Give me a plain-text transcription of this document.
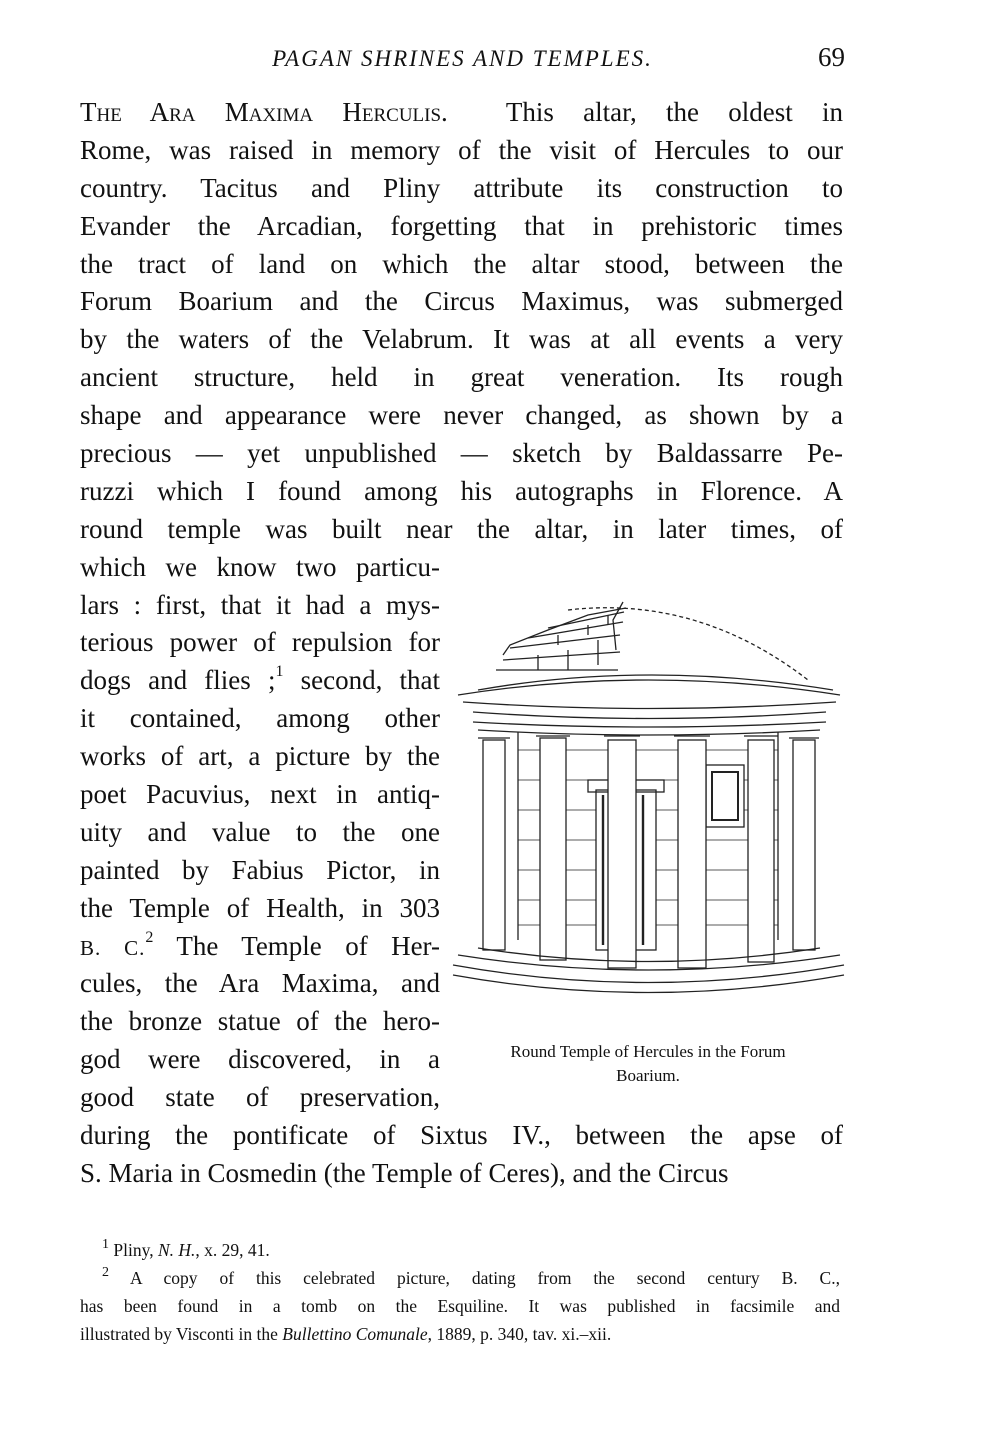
PAGAN SHRINES AND TEMPLES.	69
The Ara Maxima Herculis. This altar, the oldest in
Rome, was raised in memory of the visit of Hercules to our
country. Tacitus and Pliny attribute its construction to
Evander the Arcadian, forgetting that in prehistoric times
the tract of land on which the altar stood, between the
Forum Boarium and the Circus Maximus, was submerged
by the waters of the Velabrum. It was at all events a very
ancient structure, held in great veneration. Its rough
shape and appearance were never changed, as shown by a
precious — yet unpublished — sketch by Baldassarre Pe-
ruzzi which I found among his autographs in Florence. A
round temple was built near the altar, in later times, of
which we know two particu-
lars : first, that it had a mys-
terious power of repulsion for
dogs and flies ;$^1$ second, that
it contained, among other
works of art, a picture by the
poet Pacuvius, next in antiq-
uity and value to the one
painted by Fabius Pictor, in
the Temple of Health, in 303
B. C.$^2$ The Temple of Her-
cules, the Ara Maxima, and
the bronze statue of the hero-
god were discovered, in a
good state of preservation,
during the pontificate of Sixtus IV., between the apse of
S. Maria in Cosmedin (the Temple of Ceres), and the Circus
Round Temple of Hercules in the Forum
Boarium.
$^1$ Pliny, N. H., x. 29, 41.
$^2$ A copy of this celebrated picture, dating from the second century B. C.,
has been found in a tomb on the Esquiline. It was published in facsimile and
illustrated by Visconti in the Bullettino Comunale, 1889, p. 340, tav. xi.–xii.
